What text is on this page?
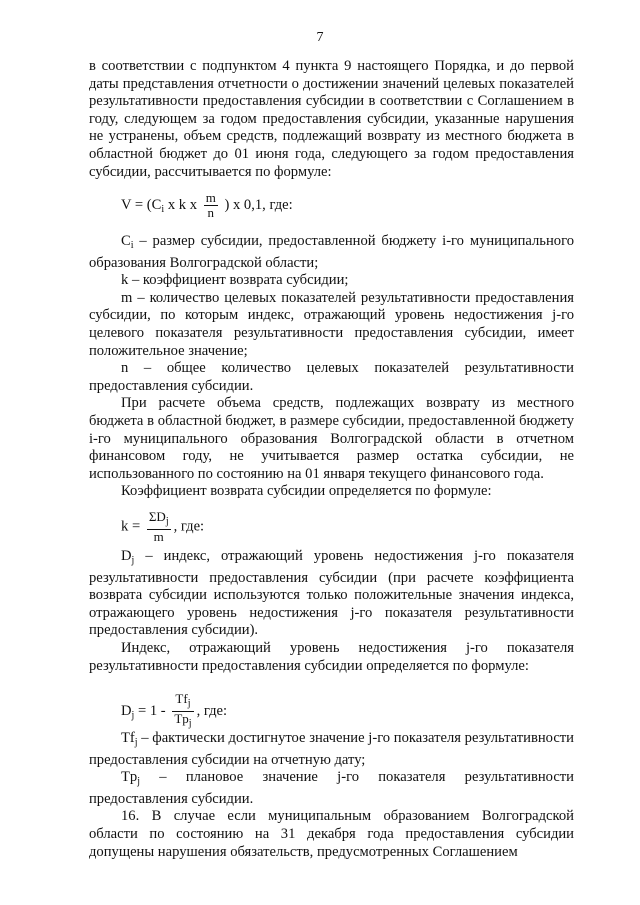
7

в соответствии с подпунктом 4 пункта 9 настоящего Порядка, и до первой даты представления отчетности о достижении значений целевых показателей результативности предоставления субсидии в соответствии с Соглашением в году, следующем за годом предоставления субсидии, указанные нарушения не устранены, объем средств, подлежащий возврату из местного бюджета в областной бюджет до 01 июня года, следующего за годом предоставления субсидии, рассчитывается по формуле:

$V = (C_i$ x k x $\frac{m}{n}$ ) x 0,1, где:

$C_i$ – размер субсидии, предоставленной бюджету i-го муниципального образования Волгоградской области;

k – коэффициент возврата субсидии;

m – количество целевых показателей результативности предоставления субсидии, по которым индекс, отражающий уровень недостижения j-го целевого показателя результативности предоставления субсидии, имеет положительное значение;

n – общее количество целевых показателей результативности предоставления субсидии.

При расчете объема средств, подлежащих возврату из местного бюджета в областной бюджет, в размере субсидии, предоставленной бюджету i-го муниципального образования Волгоградской области в отчетном финансовом году, не учитывается размер остатка субсидии, не использованного по состоянию на 01 января текущего финансового года.

Коэффициент возврата субсидии определяется по формуле:

$k = \frac{\Sigma D_j}{m}$ , где:

$D_j$ – индекс, отражающий уровень недостижения j-го показателя результативности предоставления субсидии (при расчете коэффициента возврата субсидии используются только положительные значения индекса, отражающего уровень недостижения j-го показателя результативности предоставления субсидии).

Индекс, отражающий уровень недостижения j-го показателя результативности предоставления субсидии определяется по формуле:

$D_j = 1 - \frac{Tf_j}{Tp_j}$ , где:

$Tf_j$ – фактически достигнутое значение j-го показателя результативности предоставления субсидии на отчетную дату;

$Tp_j$ – плановое значение j-го показателя результативности предоставления субсидии.

16. В случае если муниципальным образованием Волгоградской области по состоянию на 31 декабря года предоставления субсидии допущены нарушения обязательств, предусмотренных Соглашением
